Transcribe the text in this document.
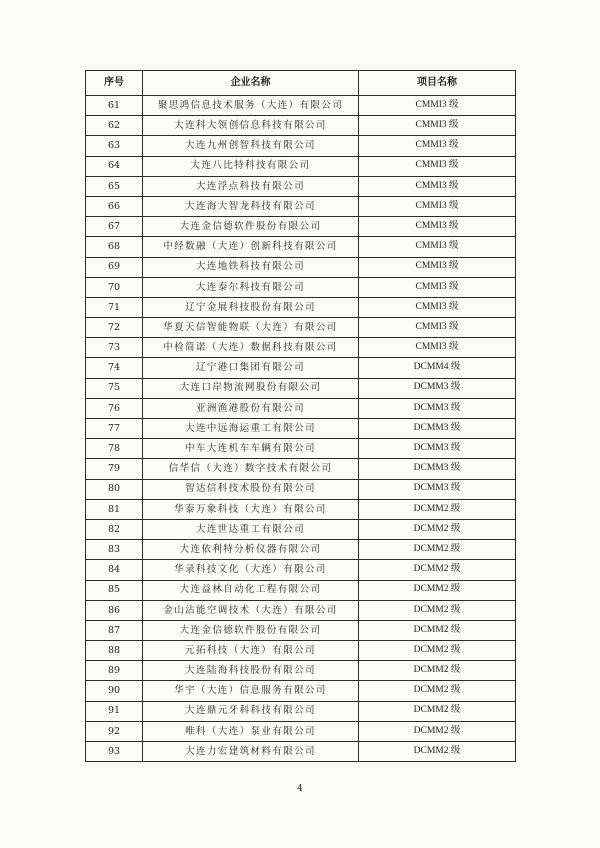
序号	企业名称	项目名称
61	聚思鸿信息技术服务（大连）有限公司	CMMI3 级
62	大连科大领创信息科技有限公司	CMMI3 级
63	大连九州创智科技有限公司	CMMI3 级
64	大连八比特科技有限公司	CMMI3 级
65	大连浮点科技有限公司	CMMI3 级
66	大连海大智龙科技有限公司	CMMI3 级
67	大连金信德软件股份有限公司	CMMI3 级
68	中经数融（大连）创新科技有限公司	CMMI3 级
69	大连地铁科技有限公司	CMMI3 级
70	大连泰尔科技有限公司	CMMI3 级
71	辽宁金展科技股份有限公司	CMMI3 级
72	华夏天信智能物联（大连）有限公司	CMMI3 级
73	中检简诺（大连）数据科技有限公司	CMMI3 级
74	辽宁港口集团有限公司	DCMM4 级
75	大连口岸物流网股份有限公司	DCMM3 级
76	亚洲渔港股份有限公司	DCMM3 级
77	大连中远海运重工有限公司	DCMM3 级
78	中车大连机车车辆有限公司	DCMM3 级
79	信华信（大连）数字技术有限公司	DCMM3 级
80	智达信科技术股份有限公司	DCMM3 级
81	华泰万象科技（大连）有限公司	DCMM2 级
82	大连世达重工有限公司	DCMM2 级
83	大连依利特分析仪器有限公司	DCMM2 级
84	华录科技文化（大连）有限公司	DCMM2 级
85	大连益林自动化工程有限公司	DCMM2 级
86	金山沾能空调技术（大连）有限公司	DCMM2 级
87	大连金信德软件股份有限公司	DCMM2 级
88	元拓科技（大连）有限公司	DCMM2 级
89	大连陆海科技股份有限公司	DCMM2 级
90	华宇（大连）信息服务有限公司	DCMM2 级
91	大连鼎元牙科科技有限公司	DCMM2 级
92	唯科（大连）泵业有限公司	DCMM2 级
93	大连力宏建筑材料有限公司	DCMM2 级
4
